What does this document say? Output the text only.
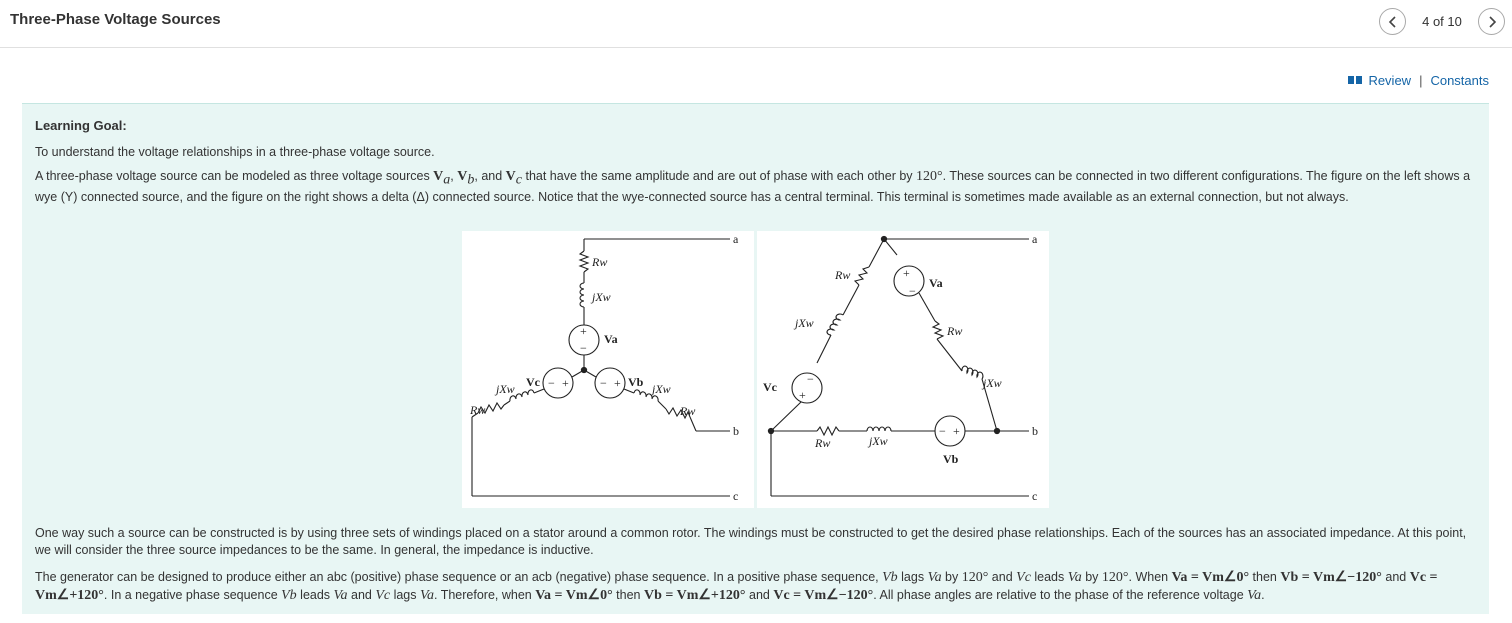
Three-Phase Voltage Sources	4 of 10
Review | Constants
Learning Goal:
To understand the voltage relationships in a three-phase voltage source.
A three-phase voltage source can be modeled as three voltage sources $V_a$, $V_b$, and $V_c$ that have the same amplitude and are out of phase with each other by 120°. These sources can be connected in two different configurations. The figure on the left shows a wye (Y) connected source, and the figure on the right shows a delta (Δ) connected source. Notice that the wye-connected source has a central terminal. This terminal is sometimes made available as an external connection, but not always.
+
−
+
−	− +
a
b
c
Rw
jXw
Va
Vc	Vb
jXw
Rw
jXw
Rw
+
−
−
+
− +
a
b
c
Rw
jXw
Va
Rw
jXw
Vc
Rw	jXw
Vb
One way such a source can be constructed is by using three sets of windings placed on a stator around a common rotor. The windings must be constructed to get the desired phase relationships. Each of the sources has an associated impedance. At this point, we will consider the three source impedances to be the same. In general, the impedance is inductive.
The generator can be designed to produce either an abc (positive) phase sequence or an acb (negative) phase sequence. In a positive phase sequence, Vb lags Va by 120° and Vc leads Va by 120°. When Va = Vm∠0° then Vb = Vm∠−120° and Vc = Vm∠+120°. In a negative phase sequence Vb leads Va and Vc lags Va. Therefore, when Va = Vm∠0° then Vb = Vm∠+120° and Vc = Vm∠−120°. All phase angles are relative to the phase of the reference voltage Va.
